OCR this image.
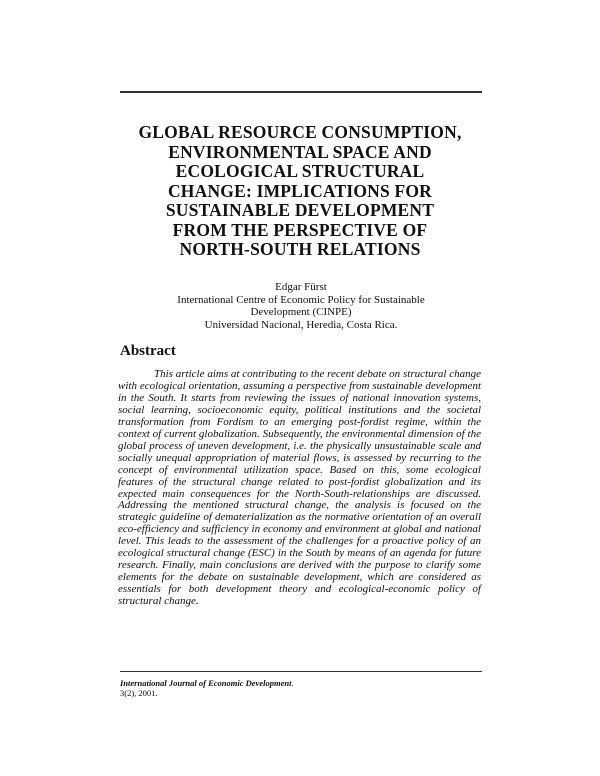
GLOBAL RESOURCE CONSUMPTION,
ENVIRONMENTAL SPACE AND
ECOLOGICAL STRUCTURAL
CHANGE: IMPLICATIONS FOR
SUSTAINABLE DEVELOPMENT
FROM THE PERSPECTIVE OF
NORTH-SOUTH RELATIONS
Edgar Fürst
International Centre of Economic Policy for Sustainable
Development (CINPE)
Universidad Nacional, Heredia, Costa Rica.
Abstract

This article aims at contributing to the recent debate on structural change with ecological orientation, assuming a perspective from sustainable development in the South. It starts from reviewing the issues of national innovation systems, social learning, socioeconomic equity, political institutions and the societal transformation from Fordism to an emerging post-fordist regime, within the context of current globalization. Subsequently, the environmental dimension of the global process of uneven development, i.e. the physically unsustainable scale and socially unequal appropriation of material flows, is assessed by recurring to the concept of environmental utilization space. Based on this, some ecological features of the structural change related to post-fordist globalization and its expected main consequences for the North-South-relationships are discussed. Addressing the mentioned structural change, the analysis is focused on the strategic guideline of dematerialization as the normative orientation of an overall eco-efficiency and sufficiency in economy and environment at global and national level. This leads to the assessment of the challenges for a proactive policy of an ecological structural change (ESC) in the South by means of an agenda for future research. Finally, main conclusions are derived with the purpose to clarify some elements for the debate on sustainable development, which are considered as essentials for both development theory and ecological-economic policy of structural change.

International Journal of Economic Development.
3(2), 2001.
